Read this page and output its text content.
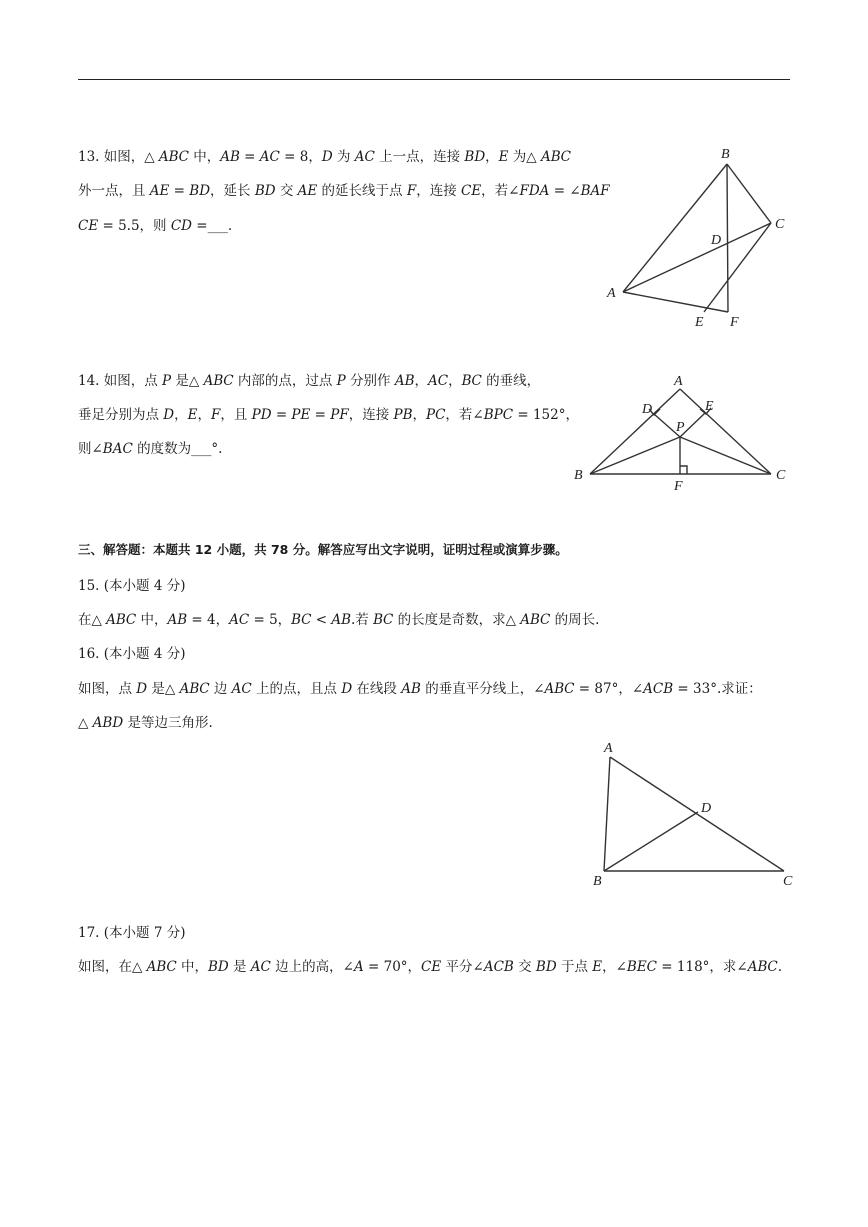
13. 如图，△ 𝐴𝐵𝐶 中，𝐴𝐵 = 𝐴𝐶 = 8，𝐷 为 𝐴𝐶 上一点，连接 𝐵𝐷，𝐸 为△ 𝐴𝐵𝐶
外一点，且 𝐴𝐸 = 𝐵𝐷，延长 𝐵𝐷 交 𝐴𝐸 的延长线于点 𝐹，连接 𝐶𝐸，若∠𝐹𝐷𝐴 = ∠𝐵𝐴𝐹
𝐶𝐸 = 5.5，则 𝐶𝐷 =___.
B
C
D
A
E F
14. 如图，点 𝑃 是△ 𝐴𝐵𝐶 内部的点，过点 𝑃 分别作 𝐴𝐵，𝐴𝐶，𝐵𝐶 的垂线，
垂足分别为点 𝐷，𝐸，𝐹，且 𝑃𝐷 = 𝑃𝐸 = 𝑃𝐹，连接 𝑃𝐵，𝑃𝐶，若∠𝐵𝑃𝐶 = 152°，
则∠𝐵𝐴𝐶 的度数为___°.
A
D	E
P
B	C
F
三、解答题：本题共 12 小题，共 78 分。解答应写出文字说明，证明过程或演算步骤。
15. (本小题 4 分)
在△ 𝐴𝐵𝐶 中，𝐴𝐵 = 4，𝐴𝐶 = 5，𝐵𝐶 < 𝐴𝐵.若 𝐵𝐶 的长度是奇数，求△ 𝐴𝐵𝐶 的周长.
16. (本小题 4 分)
如图，点 𝐷 是△ 𝐴𝐵𝐶 边 𝐴𝐶 上的点，且点 𝐷 在线段 𝐴𝐵 的垂直平分线上，∠𝐴𝐵𝐶 = 87°，∠𝐴𝐶𝐵 = 33°.求证：
△ 𝐴𝐵𝐷 是等边三角形.
A
D
B	C
17. (本小题 7 分)
如图，在△ 𝐴𝐵𝐶 中，𝐵𝐷 是 𝐴𝐶 边上的高，∠𝐴 = 70°，𝐶𝐸 平分∠𝐴𝐶𝐵 交 𝐵𝐷 于点 𝐸，∠𝐵𝐸𝐶 = 118°，求∠𝐴𝐵𝐶.
